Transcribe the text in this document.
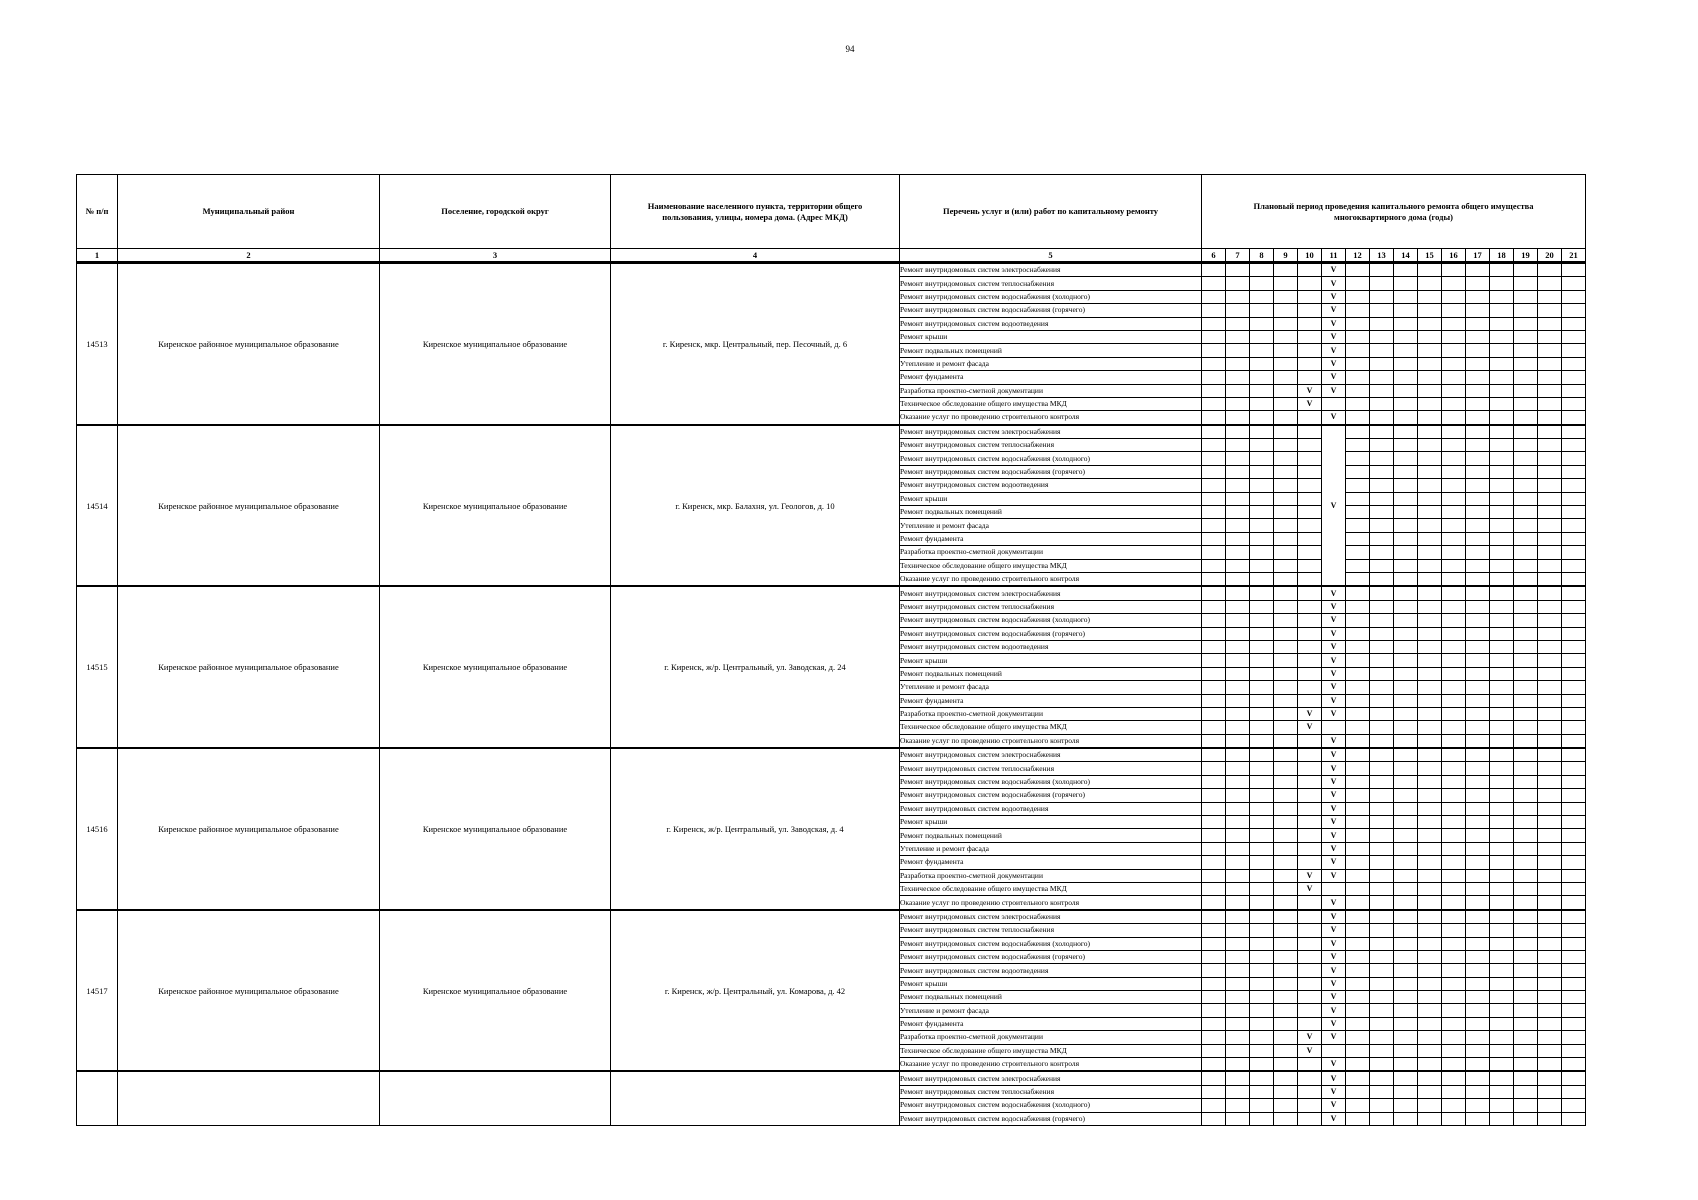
94
№ п/п	Муниципальный район	Поселение, городской округ	Наименование населенного пункта, территории общего пользования, улицы, номера дома. (Адрес МКД)	Перечень услуг и (или) работ по капитальному ремонту	Плановый период проведения капитального ремонта общего имущества многоквартирного дома (годы)															
1	2	3	4	5	6	7	8	9	10	11	12	13	14	15	16	17	18	19	20	21
14513	Киренское районное муниципальное образование	Киренское муниципальное образование	г. Киренск, мкр. Центральный, пер. Песочный, д. 6	Ремонт внутридомовых систем электроснабжения						V										
				Ремонт внутридомовых систем теплоснабжения						V										
				Ремонт внутридомовых систем водоснабжения (холодного)						V										
				Ремонт внутридомовых систем водоснабжения (горячего)						V										
				Ремонт внутридомовых систем водоотведения						V										
				Ремонт крыши						V										
				Ремонт подвальных помещений						V										
				Утепление и ремонт фасада						V										
				Ремонт фундамента						V										
				Разработка проектно-сметной документации					V	V										
				Техническое обследование общего имущества МКД					V											
				Оказание услуг по проведению строительного контроля						V										
14514	Киренское районное муниципальное образование	Киренское муниципальное образование	г. Киренск, мкр. Балахня, ул. Геологов, д. 10	Ремонт внутридомовых систем электроснабжения						V										
				Ремонт внутридомовых систем теплоснабжения																
				Ремонт внутридомовых систем водоснабжения (холодного)																
				Ремонт внутридомовых систем водоснабжения (горячего)																
				Ремонт внутридомовых систем водоотведения																
				Ремонт крыши																
				Ремонт подвальных помещений																
				Утепление и ремонт фасада																
				Ремонт фундамента																
				Разработка проектно-сметной документации																
				Техническое обследование общего имущества МКД																
				Оказание услуг по проведению строительного контроля																
14515	Киренское районное муниципальное образование	Киренское муниципальное образование	г. Киренск, ж/р. Центральный, ул. Заводская, д. 24	Ремонт внутридомовых систем электроснабжения						V										
				Ремонт внутридомовых систем теплоснабжения						V										
				Ремонт внутридомовых систем водоснабжения (холодного)						V										
				Ремонт внутридомовых систем водоснабжения (горячего)						V										
				Ремонт внутридомовых систем водоотведения						V										
				Ремонт крыши						V										
				Ремонт подвальных помещений						V										
				Утепление и ремонт фасада						V										
				Ремонт фундамента						V										
				Разработка проектно-сметной документации					V	V										
				Техническое обследование общего имущества МКД					V											
				Оказание услуг по проведению строительного контроля						V										
14516	Киренское районное муниципальное образование	Киренское муниципальное образование	г. Киренск, ж/р. Центральный, ул. Заводская, д. 4	Ремонт внутридомовых систем электроснабжения						V										
				Ремонт внутридомовых систем теплоснабжения						V										
				Ремонт внутридомовых систем водоснабжения (холодного)						V										
				Ремонт внутридомовых систем водоснабжения (горячего)						V										
				Ремонт внутридомовых систем водоотведения						V										
				Ремонт крыши						V										
				Ремонт подвальных помещений						V										
				Утепление и ремонт фасада						V										
				Ремонт фундамента						V										
				Разработка проектно-сметной документации					V	V										
				Техническое обследование общего имущества МКД					V											
				Оказание услуг по проведению строительного контроля						V										
14517	Киренское районное муниципальное образование	Киренское муниципальное образование	г. Киренск, ж/р. Центральный, ул. Комарова, д. 42	Ремонт внутридомовых систем электроснабжения						V										
				Ремонт внутридомовых систем теплоснабжения						V										
				Ремонт внутридомовых систем водоснабжения (холодного)						V										
				Ремонт внутридомовых систем водоснабжения (горячего)						V										
				Ремонт внутридомовых систем водоотведения						V										
				Ремонт крыши						V										
				Ремонт подвальных помещений						V										
				Утепление и ремонт фасада						V										
				Ремонт фундамента						V										
				Разработка проектно-сметной документации					V	V										
				Техническое обследование общего имущества МКД					V											
				Оказание услуг по проведению строительного контроля						V										
				Ремонт внутридомовых систем электроснабжения						V										
				Ремонт внутридомовых систем теплоснабжения						V										
				Ремонт внутридомовых систем водоснабжения (холодного)						V										
				Ремонт внутридомовых систем водоснабжения (горячего)						V										
